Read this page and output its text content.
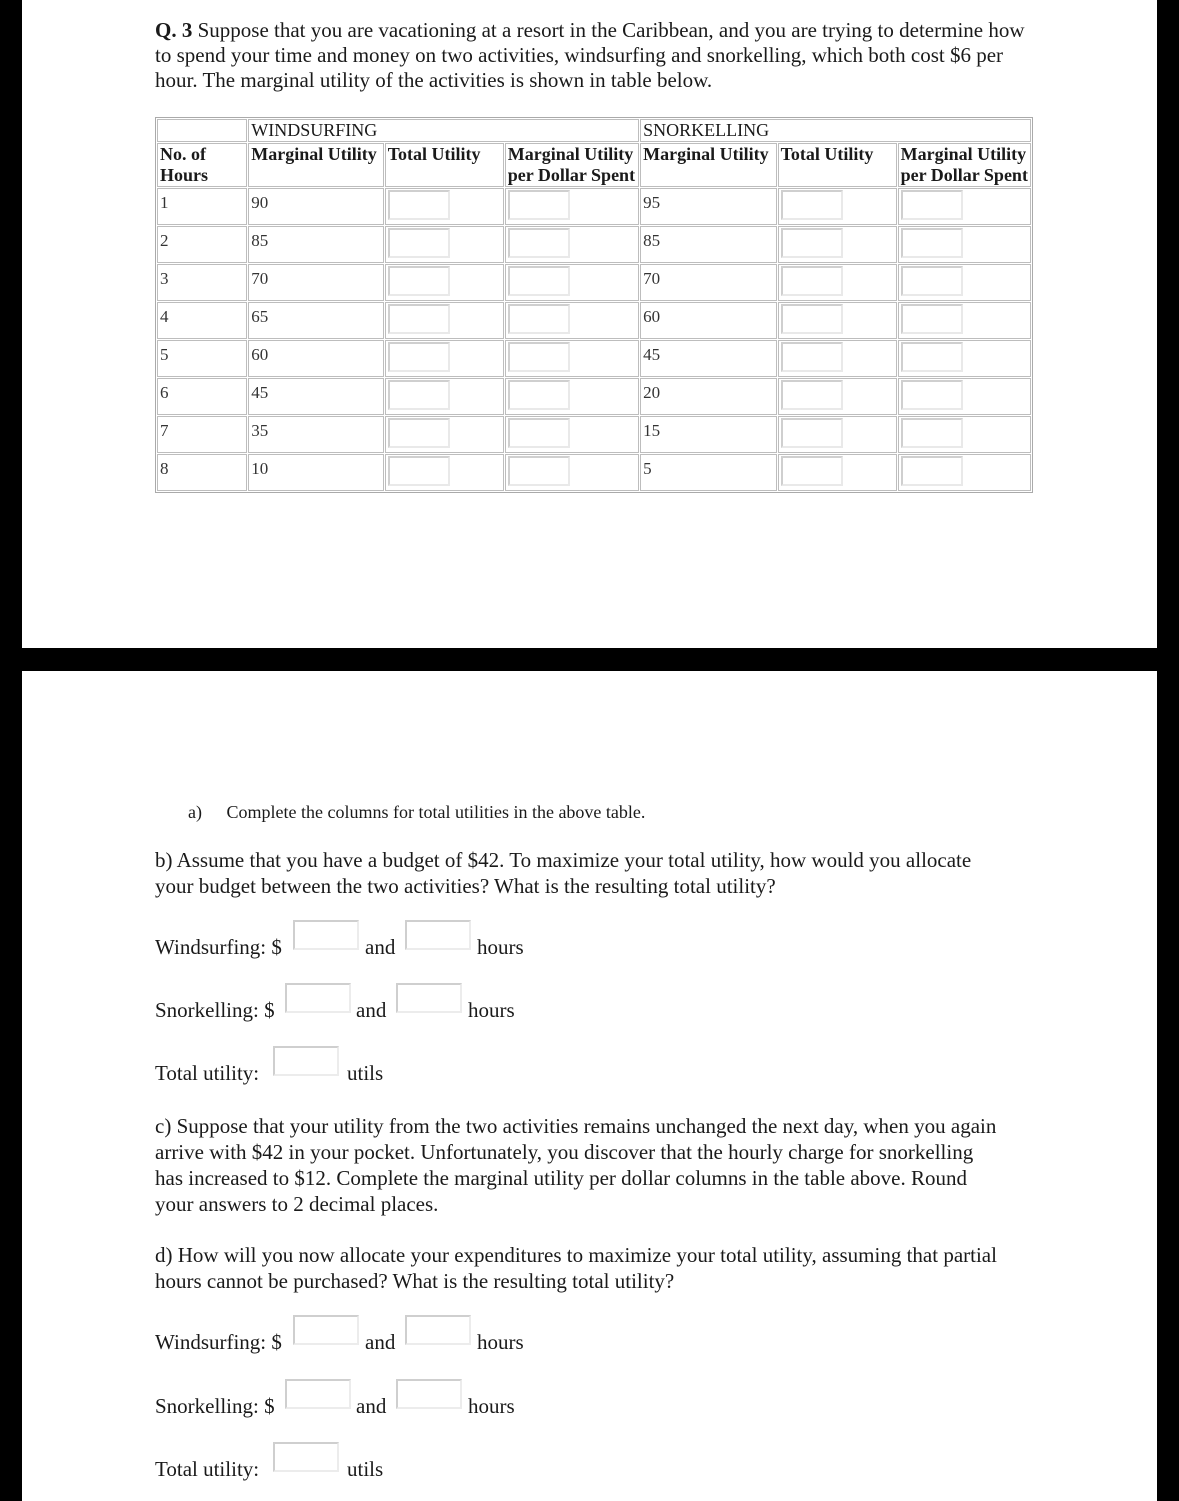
Q. 3 Suppose that you are vacationing at a resort in the Caribbean, and you are trying to determine how to spend your time and money on two activities, windsurfing and snorkelling, which both cost $6 per hour. The marginal utility of the activities is shown in table below.

	WINDSURFING			SNORKELLING		
No. of Hours	Marginal Utility	Total Utility	Marginal Utility per Dollar Spent	Marginal Utility	Total Utility	Marginal Utility per Dollar Spent
1	90			95	

2	85			85	

3	70			70	

4	65			60	

5	60			45	

6	45			20	

7	35			15	

8	10			5	

a) Complete the columns for total utilities in the above table.

b) Assume that you have a budget of $42. To maximize your total utility, how would you allocate your budget between the two activities? What is the resulting total utility?

Windsurfing: $	and	hours
Snorkelling: $	and	hours
Total utility:	utils

c) Suppose that your utility from the two activities remains unchanged the next day, when you again arrive with $42 in your pocket. Unfortunately, you discover that the hourly charge for snorkelling has increased to $12. Complete the marginal utility per dollar columns in the table above. Round your answers to 2 decimal places.

d) How will you now allocate your expenditures to maximize your total utility, assuming that partial hours cannot be purchased? What is the resulting total utility?

Windsurfing: $	and	hours
Snorkelling: $	and	hours
Total utility:	utils
